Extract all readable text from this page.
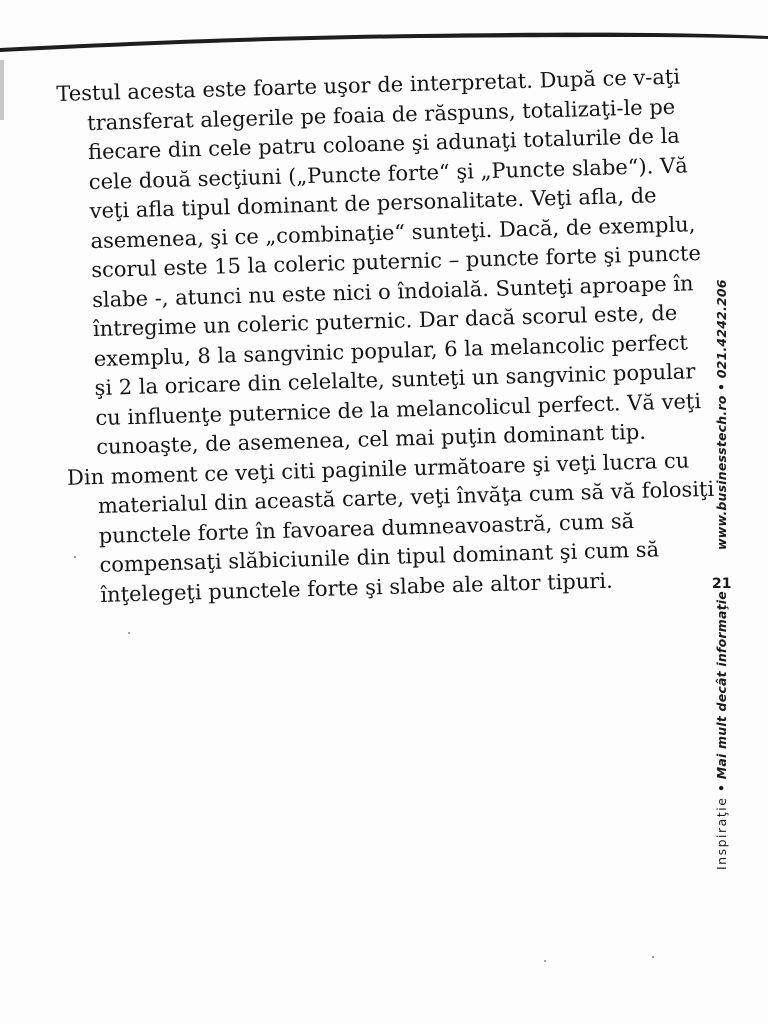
Testul acesta este foarte uşor de interpretat. După ce v-aţi
transferat alegerile pe foaia de răspuns, totalizaţi-le pe
fiecare din cele patru coloane şi adunaţi totalurile de la
cele două secţiuni („Puncte forte“ şi „Puncte slabe“). Vă
veţi afla tipul dominant de personalitate. Veţi afla, de
asemenea, şi ce „combinaţie“ sunteţi. Dacă, de exemplu,
scorul este 15 la coleric puternic – puncte forte şi puncte
slabe -, atunci nu este nici o îndoială. Sunteţi aproape în
întregime un coleric puternic. Dar dacă scorul este, de
exemplu, 8 la sangvinic popular, 6 la melancolic perfect
şi 2 la oricare din celelalte, sunteţi un sangvinic popular
cu influenţe puternice de la melancolicul perfect. Vă veţi
cunoaşte, de asemenea, cel mai puţin dominant tip.

Din moment ce veţi citi paginile următoare şi veţi lucra cu
materialul din această carte, veţi învăţa cum să vă folosiţi
punctele forte în favoarea dumneavoastră, cum să
compensaţi slăbiciunile din tipul dominant şi cum să
înţelegeţi punctele forte şi slabe ale altor tipuri.

www.businesstech.ro • 021.4242.206
Inspiraţie • Mai mult decât informaţie
21
